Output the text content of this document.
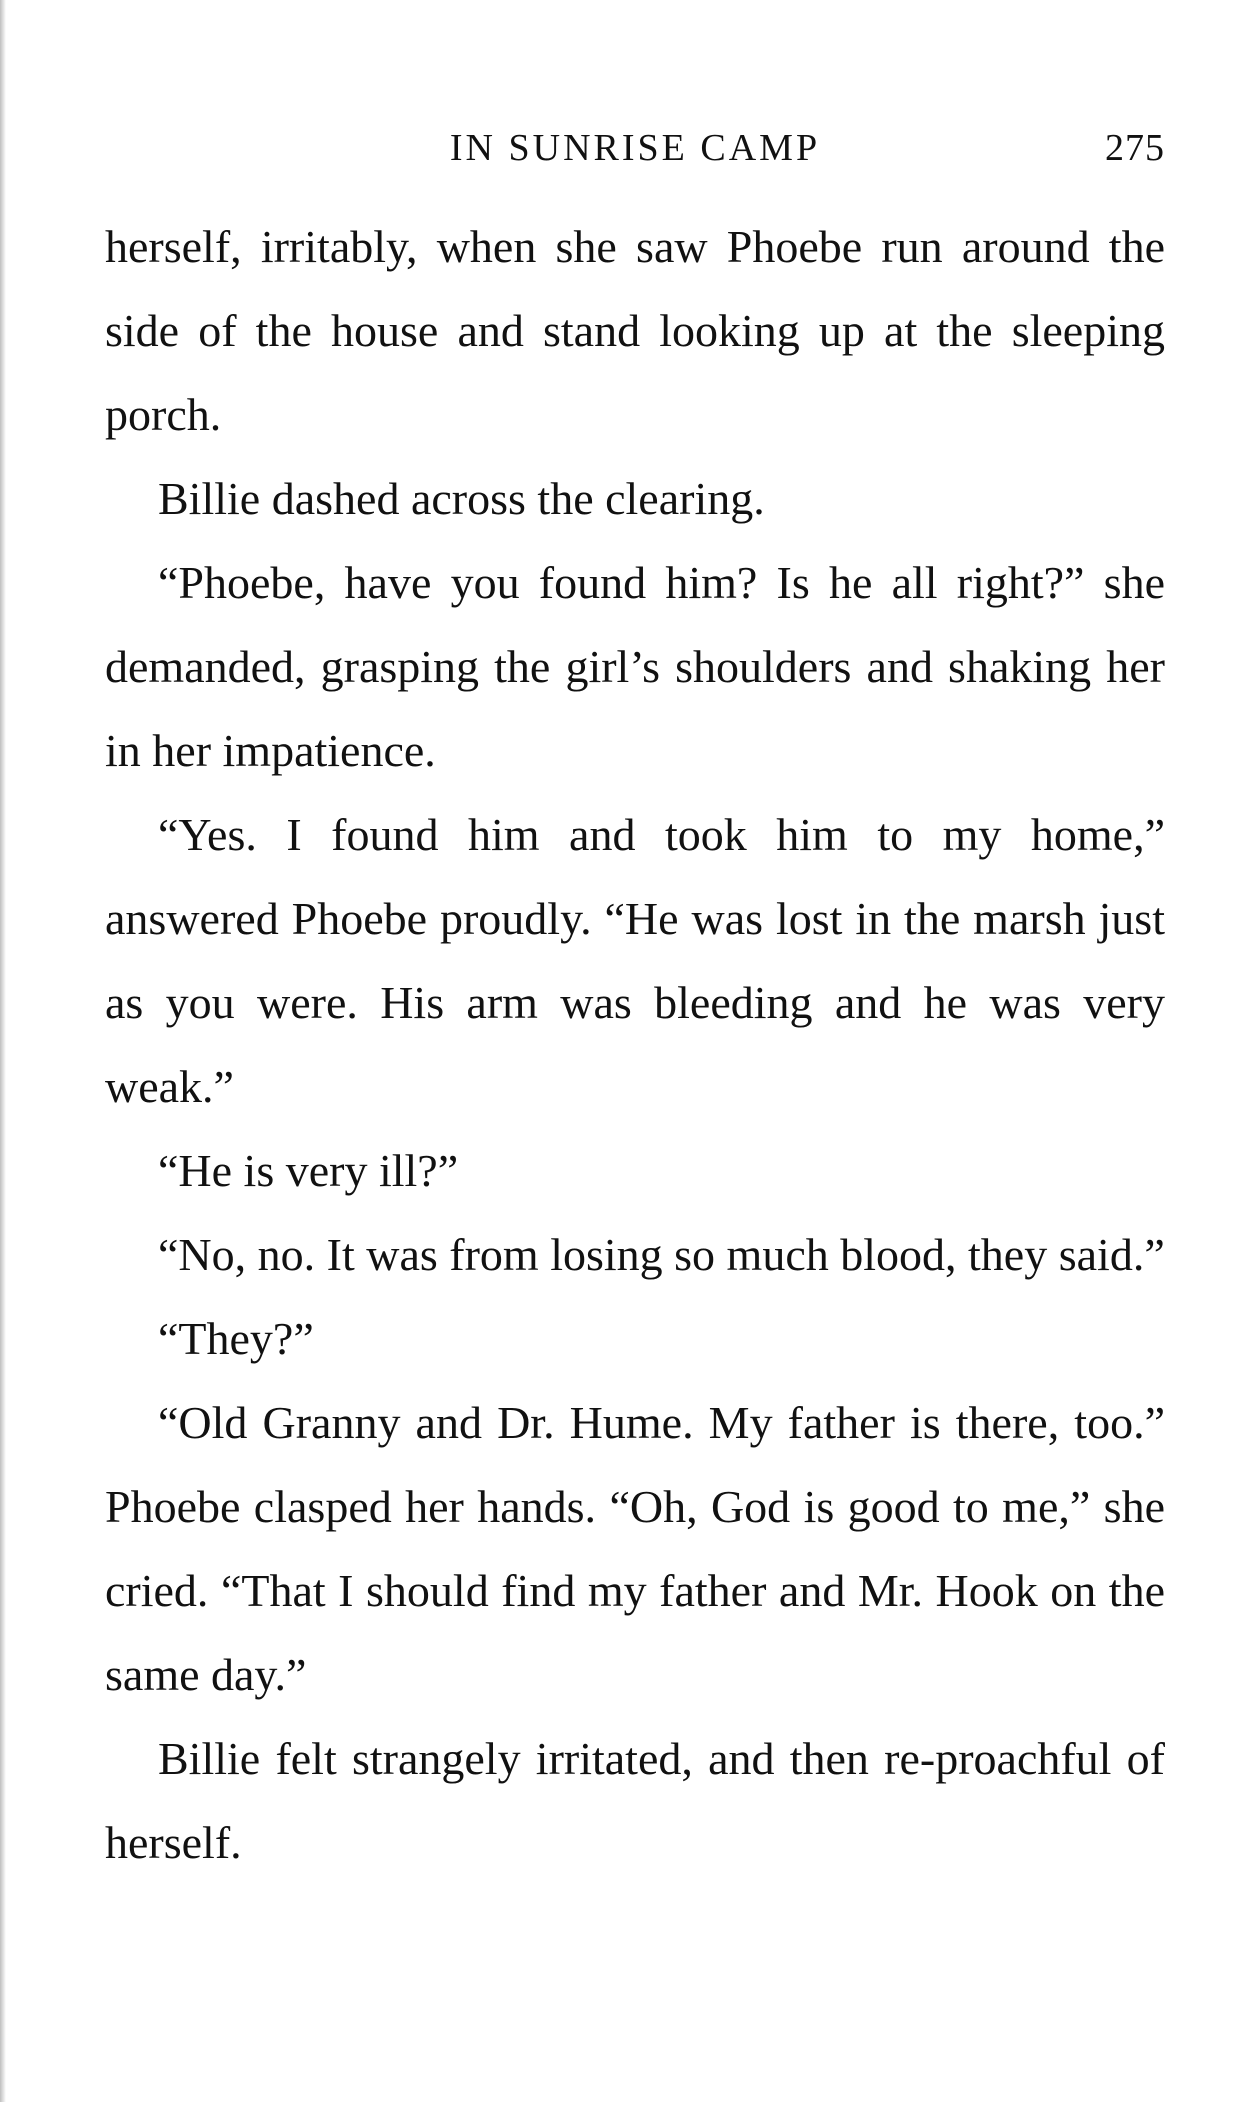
IN SUNRISE CAMP	275

herself, irritably, when she saw Phoebe run around the side of the house and stand looking up at the sleeping porch.

Billie dashed across the clearing.

“Phoebe, have you found him? Is he all right?” she demanded, grasping the girl’s shoulders and shaking her in her impatience.

“Yes. I found him and took him to my home,” answered Phoebe proudly. “He was lost in the marsh just as you were. His arm was bleeding and he was very weak.”

“He is very ill?”

“No, no. It was from losing so much blood, they said.”

“They?”

“Old Granny and Dr. Hume. My father is there, too.” Phoebe clasped her hands. “Oh, God is good to me,” she cried. “That I should find my father and Mr. Hook on the same day.”

Billie felt strangely irritated, and then re-proachful of herself.
